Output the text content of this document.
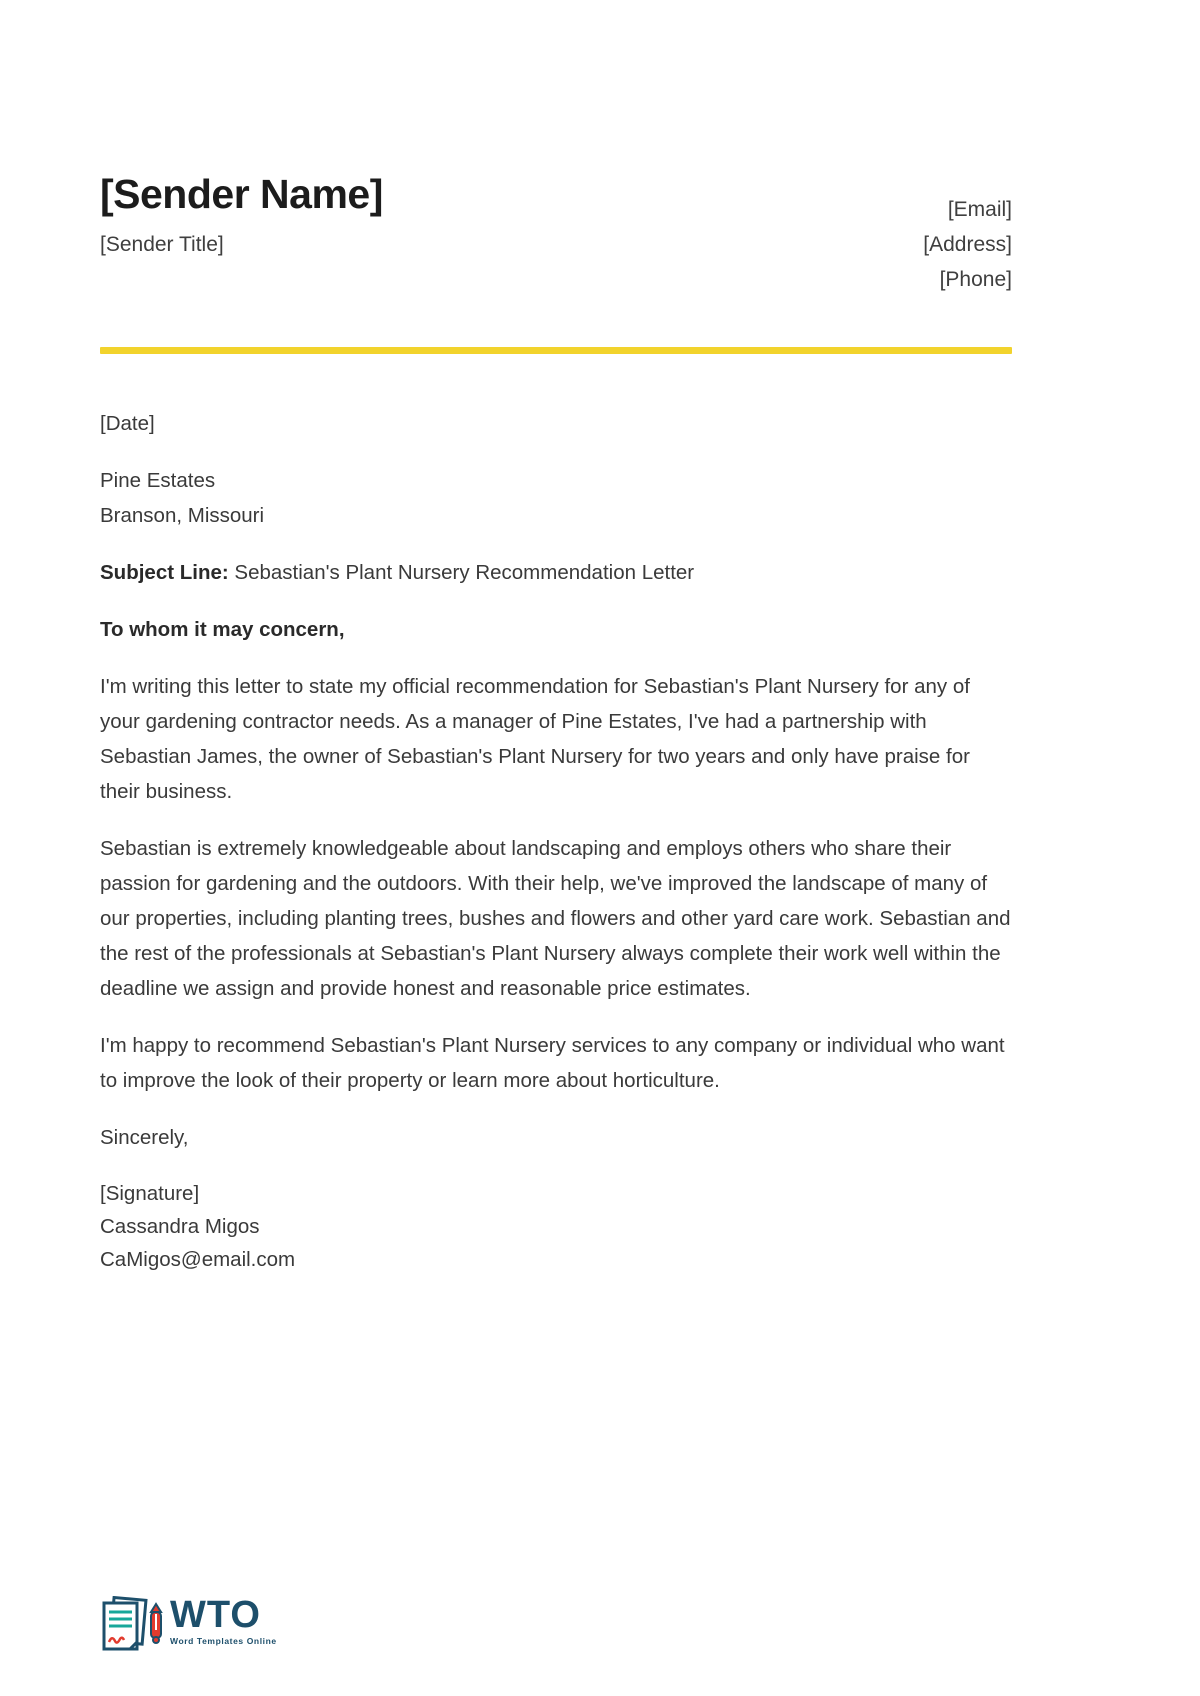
[Sender Name]
[Sender Title]
[Email]
[Address]
[Phone]
[Date]
Pine Estates
Branson, Missouri
Subject Line: Sebastian's Plant Nursery Recommendation Letter
To whom it may concern,

I'm writing this letter to state my official recommendation for Sebastian's Plant Nursery for any of your gardening contractor needs. As a manager of Pine Estates, I've had a partnership with Sebastian James, the owner of Sebastian's Plant Nursery for two years and only have praise for their business.

Sebastian is extremely knowledgeable about landscaping and employs others who share their passion for gardening and the outdoors. With their help, we've improved the landscape of many of our properties, including planting trees, bushes and flowers and other yard care work. Sebastian and the rest of the professionals at Sebastian's Plant Nursery always complete their work well within the deadline we assign and provide honest and reasonable price estimates.

I'm happy to recommend Sebastian's Plant Nursery services to any company or individual who want to improve the look of their property or learn more about horticulture.

Sincerely,
[Signature]
Cassandra Migos
CaMigos@email.com
WTO
Word Templates Online
